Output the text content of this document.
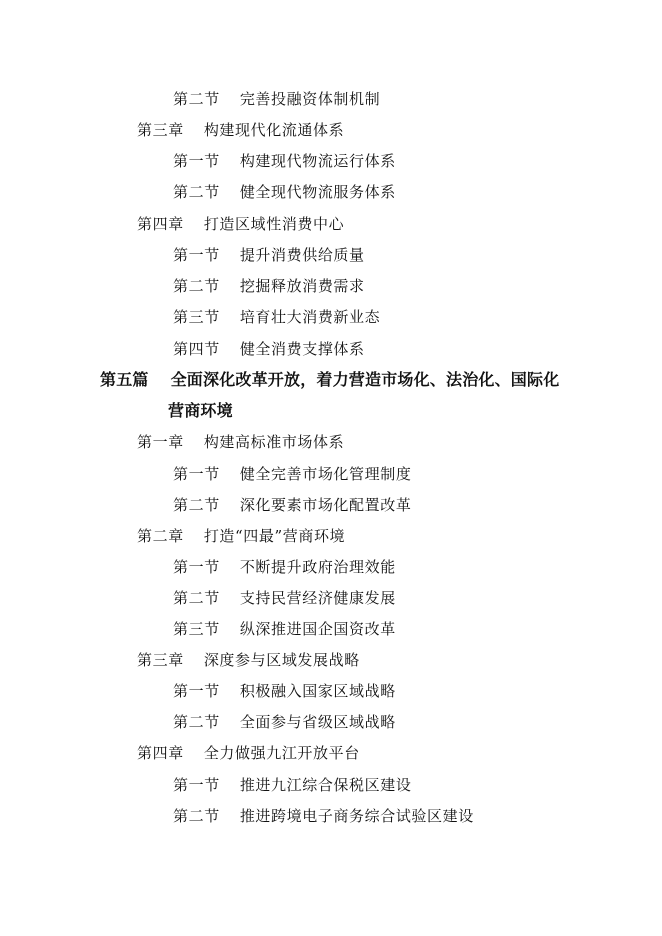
第二节 完善投融资体制机制
第三章 构建现代化流通体系
第一节 构建现代物流运行体系
第二节 健全现代物流服务体系
第四章 打造区域性消费中心
第一节 提升消费供给质量
第二节 挖掘释放消费需求
第三节 培育壮大消费新业态
第四节 健全消费支撑体系
第五篇 全面深化改革开放，着力营造市场化、法治化、国际化
营商环境
第一章 构建高标准市场体系
第一节 健全完善市场化管理制度
第二节 深化要素市场化配置改革
第二章 打造“四最”营商环境
第一节 不断提升政府治理效能
第二节 支持民营经济健康发展
第三节 纵深推进国企国资改革
第三章 深度参与区域发展战略
第一节 积极融入国家区域战略
第二节 全面参与省级区域战略
第四章 全力做强九江开放平台
第一节 推进九江综合保税区建设
第二节 推进跨境电子商务综合试验区建设
